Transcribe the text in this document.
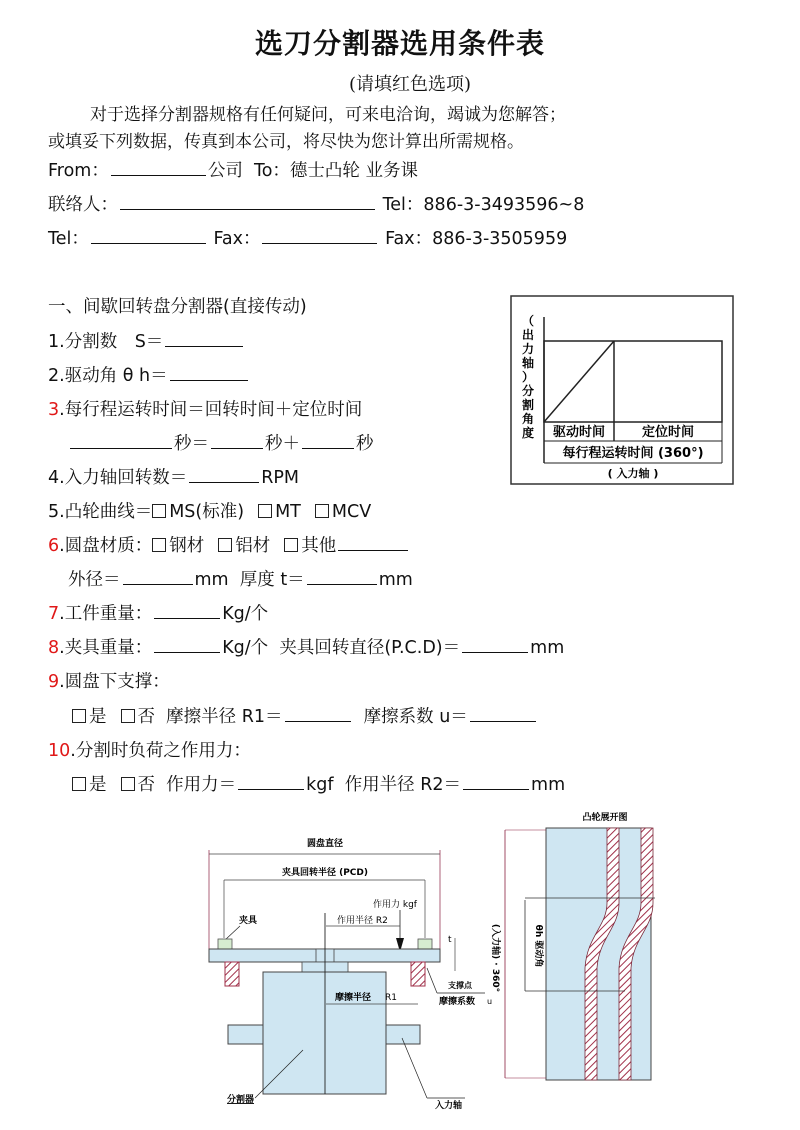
选刀分割器选用条件表
(请填红色选项)
对于选择分割器规格有任何疑问，可来电洽询，竭诚为您解答；
或填妥下列数据，传真到本公司，将尽快为您计算出所需规格。
From：	公司 To：德士凸轮 业务课
联络人：	Tel：886-3-3493596~8
Tel：	Fax：	Fax：886-3-3505959
一、间歇回转盘分割器(直接传动)
1.分割数　S＝
2.驱动角 θ h＝
3.每行程运转时间＝回转时间＋定位时间
秒＝	秒＋	秒
4.入力轴回转数＝	RPM
5.凸轮曲线＝ MS(标准) MT MCV
6.圆盘材质： 钢材 铝材 其他
外径＝	mm 厚度 t＝	mm
7.工件重量：	Kg/个
8.夹具重量：	Kg/个 夹具回转直径(P.C.D)＝	mm
9.圆盘下支撑：
是 否 摩擦半径 R1＝	摩擦系数 u＝
10.分割时负荷之作用力：
是 否 作用力＝	kgf 作用半径 R2＝	mm
（
出
力
轴
）
分
割
角
度 驱动时间	定位时间
每行程运转时间 (360°)
( 入力轴 )
圆盘直径
夹具回转半径 (PCD)
作用力 kgf
作用半径 R2
夹具
t
支撑点
摩擦系数 u
摩擦半径 R1
分割器
入力轴
凸轮展开图
(入力轴) · 360°	θh 驱动角
